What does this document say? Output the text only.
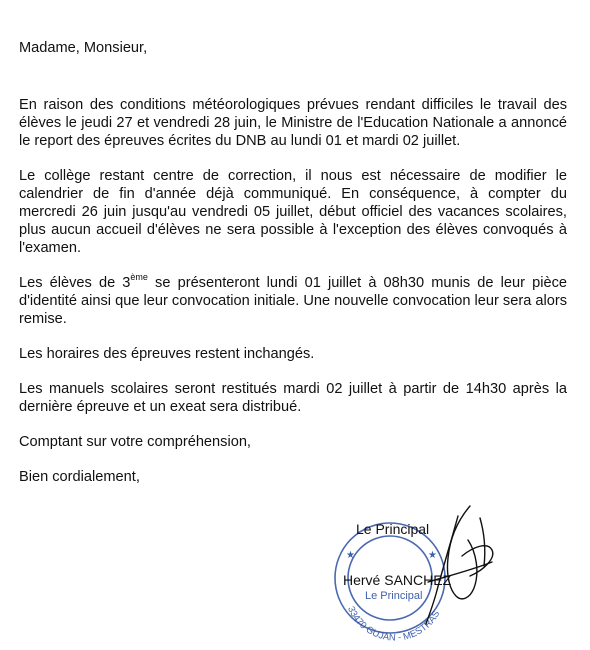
Madame, Monsieur,

En raison des conditions météorologiques prévues rendant difficiles le travail des élèves le jeudi 27 et vendredi 28 juin, le Ministre de l'Education Nationale a annoncé le report des épreuves écrites du DNB au lundi 01 et mardi 02 juillet.

Le collège restant centre de correction, il nous est nécessaire de modifier le calendrier de fin d'année déjà communiqué. En conséquence, à compter du mercredi 26 juin jusqu'au vendredi 05 juillet, début officiel des vacances scolaires, plus aucun accueil d'élèves ne sera possible à l'exception des élèves convoqués à l'examen.

Les élèves de 3ème se présenteront lundi 01 juillet à 08h30 munis de leur pièce d'identité ainsi que leur convocation initiale. Une nouvelle convocation leur sera alors remise.

Les horaires des épreuves restent inchangés.

Les manuels scolaires seront restitués mardi 02 juillet à partir de 14h30 après la dernière épreuve et un exeat sera distribué.

Comptant sur votre compréhension,

Bien cordialement,

★	★
Le Principal
33470 GUJAN - MESTRAS
Le Principal
Hervé SANCHEZ
